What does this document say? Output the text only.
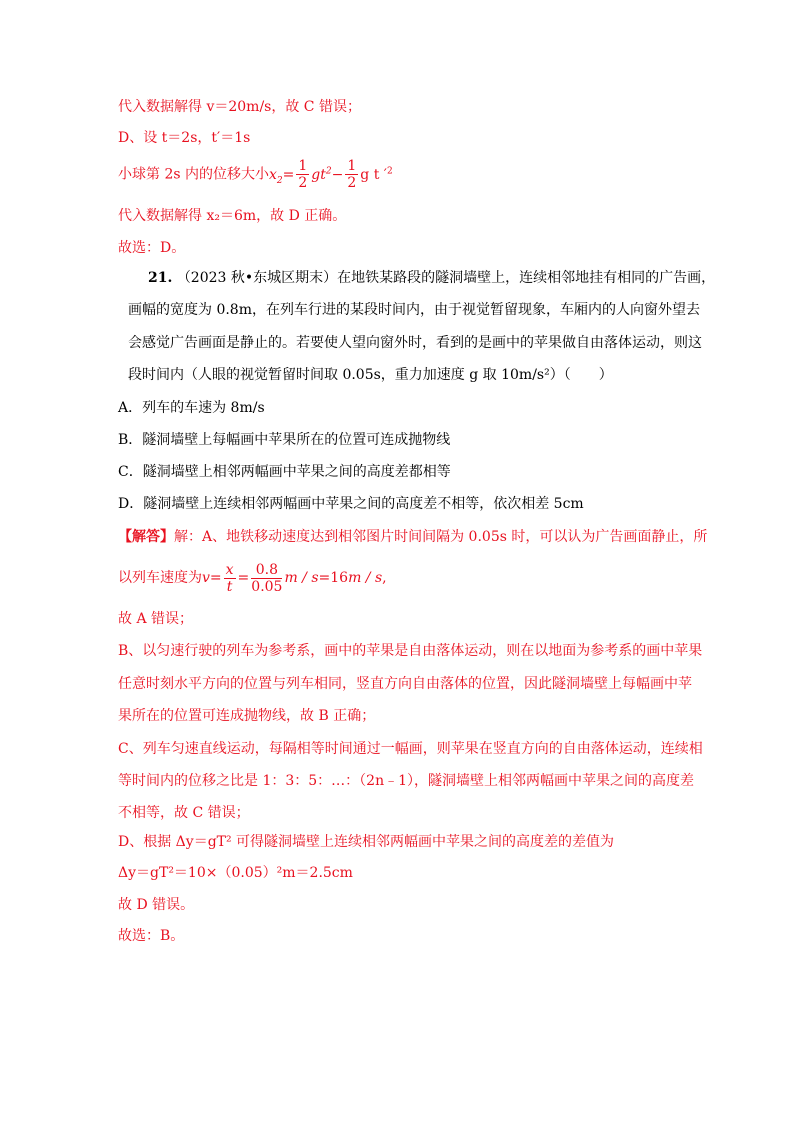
代入数据解得 v＝20m/s，故 C 错误；
D、设 t＝2s，t′＝1s
小球第 2s 内的位移大小$x_2= \frac{1}{2} gt^2- \frac{1}{2}$ g t $'^2$
代入数据解得 x₂＝6m，故 D 正确。
故选：D。
21. （2023 秋•东城区期末）在地铁某路段的隧洞墙壁上，连续相邻地挂有相同的广告画，
画幅的宽度为 0.8m，在列车行进的某段时间内，由于视觉暂留现象，车厢内的人向窗外望去
会感觉广告画面是静止的。若要使人望向窗外时，看到的是画中的苹果做自由落体运动，则这
段时间内（人眼的视觉暂留时间取 0.05s，重力加速度 g 取 10m/s²）（　　）
A．列车的车速为 8m/s
B．隧洞墙壁上每幅画中苹果所在的位置可连成抛物线
C．隧洞墙壁上相邻两幅画中苹果之间的高度差都相等
D．隧洞墙壁上连续相邻两幅画中苹果之间的高度差不相等，依次相差 5cm
【解答】解：A、地铁移动速度达到相邻图片时间间隔为 0.05s 时，可以认为广告画面静止，所
以列车速度为$v= \frac{x}{t} = \frac{0.8}{0.05}$ m / s=16m / s,
故 A 错误；
B、以匀速行驶的列车为参考系，画中的苹果是自由落体运动，则在以地面为参考系的画中苹果
任意时刻水平方向的位置与列车相同，竖直方向自由落体的位置，因此隧洞墙壁上每幅画中苹
果所在的位置可连成抛物线，故 B 正确；
C、列车匀速直线运动，每隔相等时间通过一幅画，则苹果在竖直方向的自由落体运动，连续相
等时间内的位移之比是 1：3：5：…：（2n﹣1），隧洞墙壁上相邻两幅画中苹果之间的高度差
不相等，故 C 错误；
D、根据 Δy＝gT² 可得隧洞墙壁上连续相邻两幅画中苹果之间的高度差的差值为
Δy＝gT²＝10×（0.05）²m＝2.5cm
故 D 错误。
故选：B。
